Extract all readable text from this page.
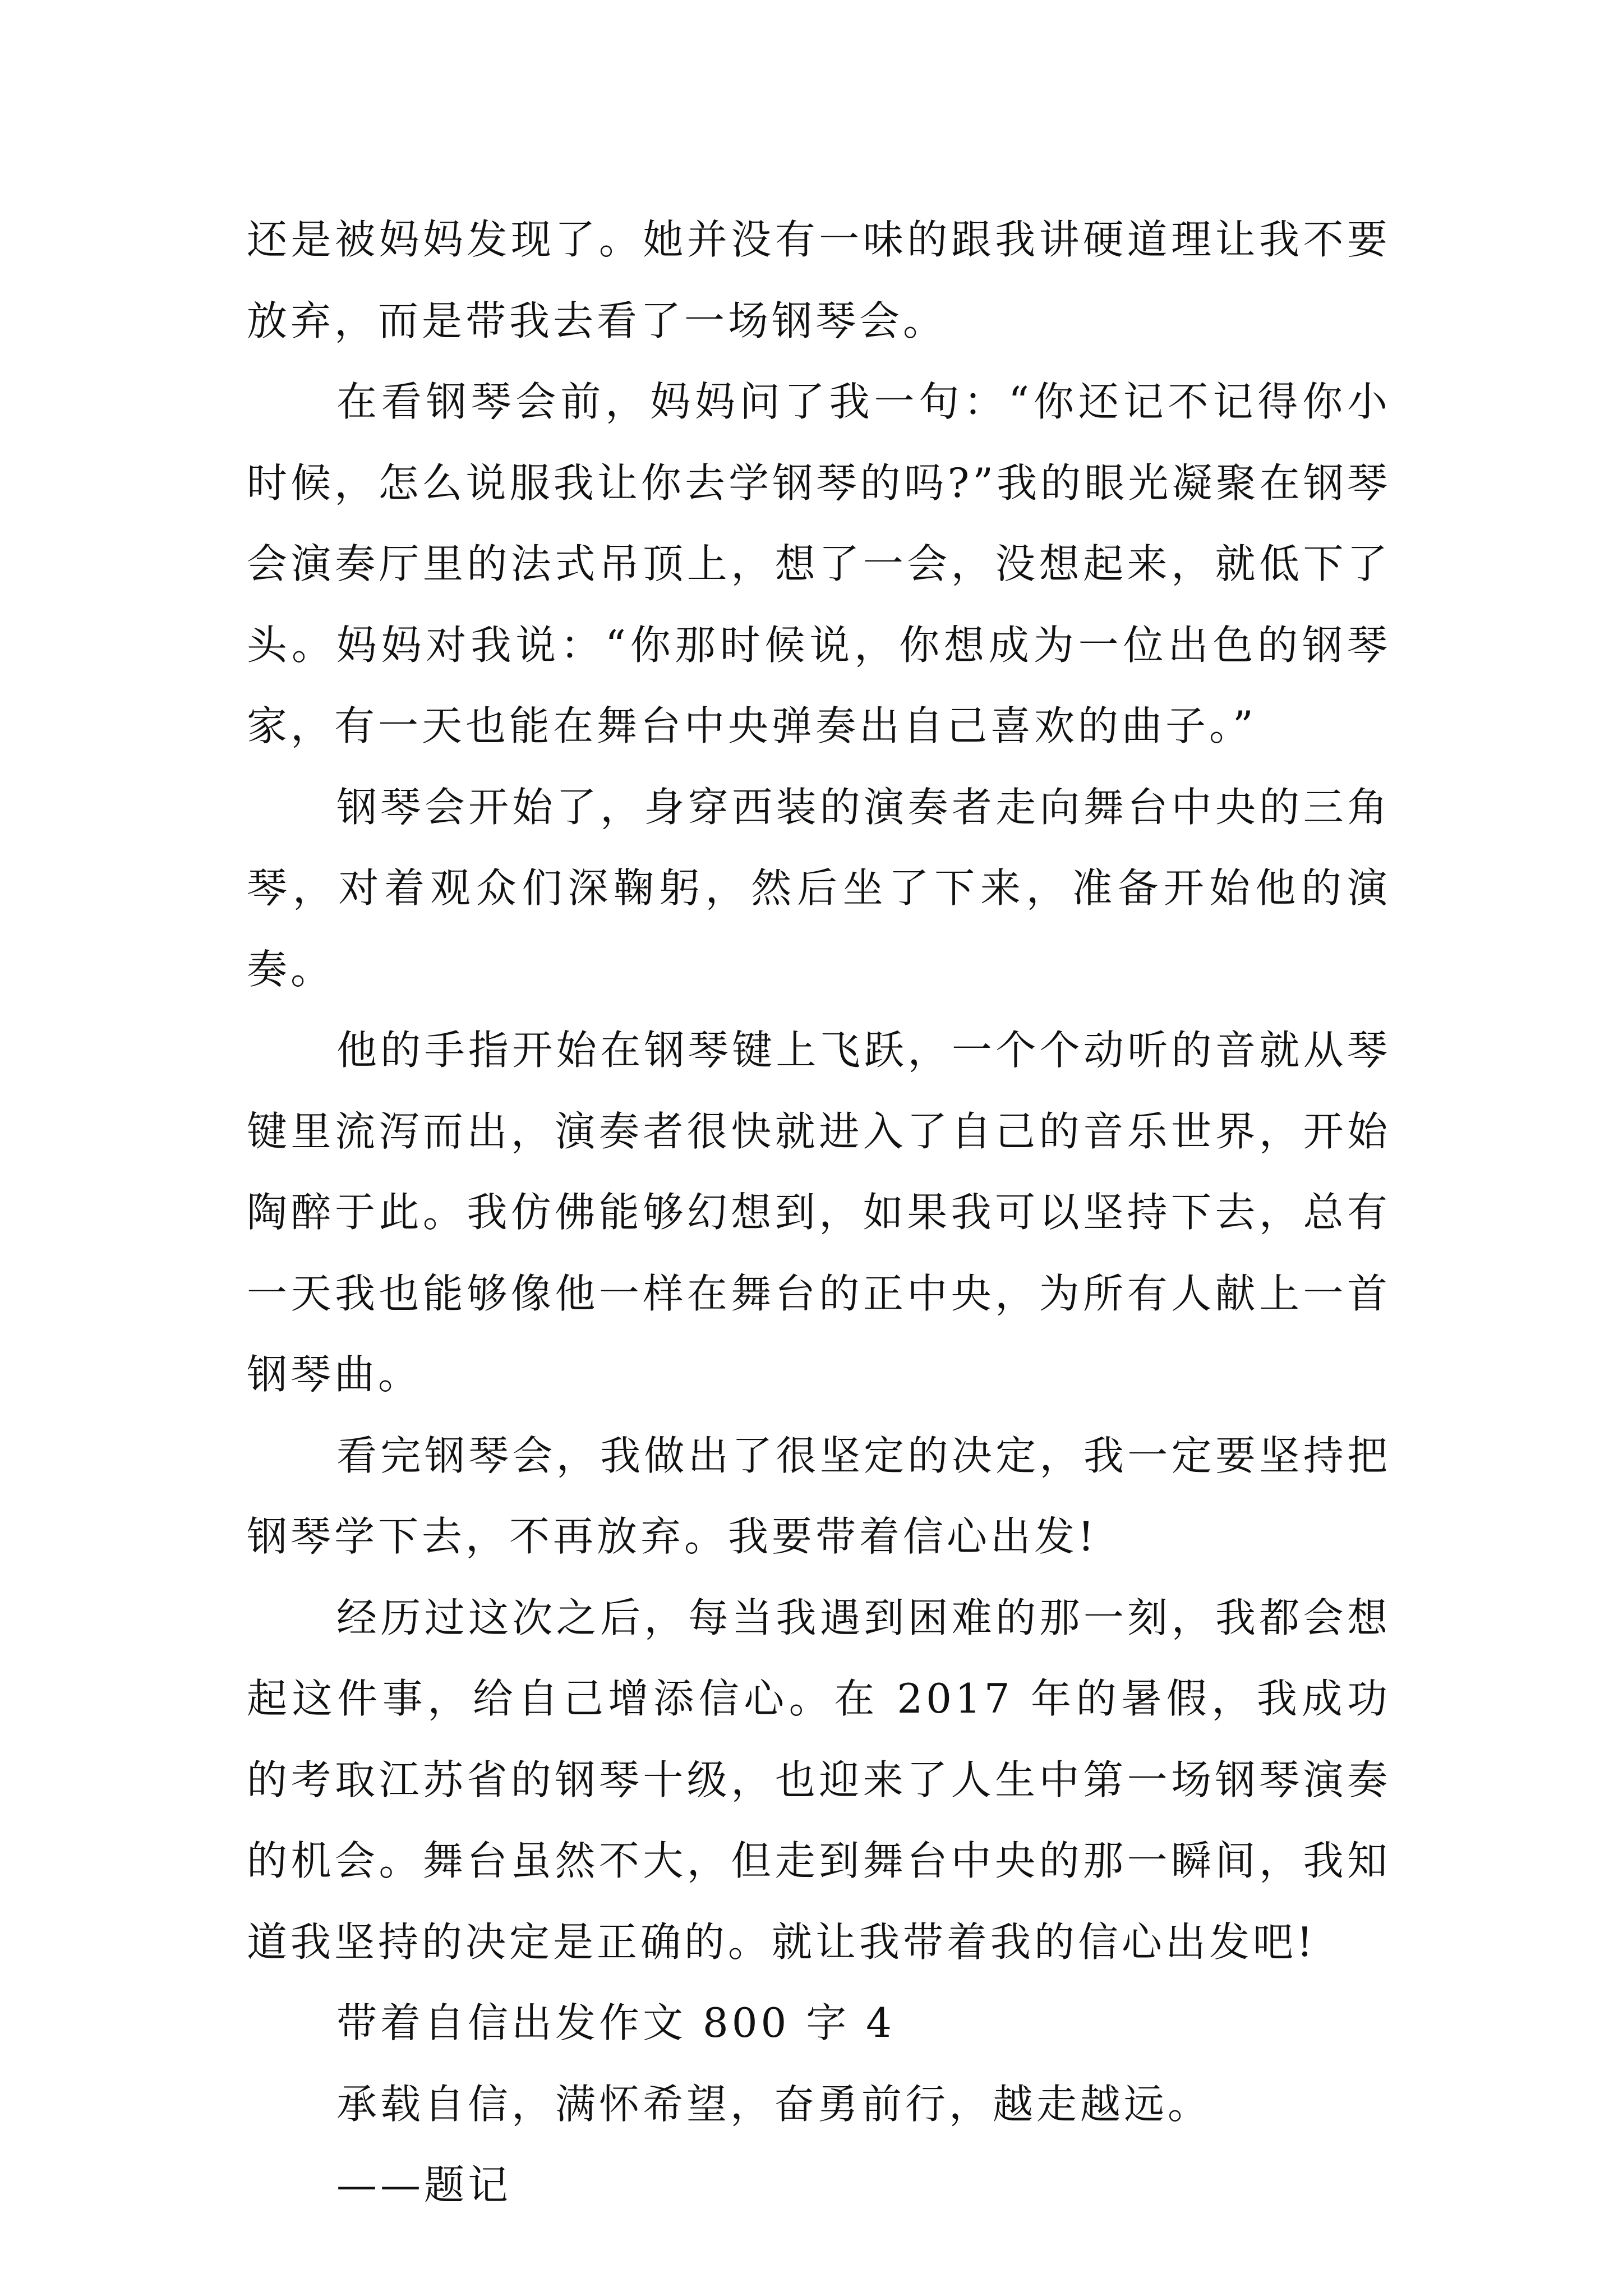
还是被妈妈发现了。她并没有一味的跟我讲硬道理让我不要放弃，而是带我去看了一场钢琴会。

在看钢琴会前，妈妈问了我一句：“你还记不记得你小时候，怎么说服我让你去学钢琴的吗?”我的眼光凝聚在钢琴会演奏厅里的法式吊顶上，想了一会，没想起来，就低下了头。妈妈对我说：“你那时候说，你想成为一位出色的钢琴家，有一天也能在舞台中央弹奏出自己喜欢的曲子。”

钢琴会开始了，身穿西装的演奏者走向舞台中央的三角琴，对着观众们深鞠躬，然后坐了下来，准备开始他的演奏。

他的手指开始在钢琴键上飞跃，一个个动听的音就从琴键里流泻而出，演奏者很快就进入了自己的音乐世界，开始陶醉于此。我仿佛能够幻想到，如果我可以坚持下去，总有一天我也能够像他一样在舞台的正中央，为所有人献上一首钢琴曲。

看完钢琴会，我做出了很坚定的决定，我一定要坚持把钢琴学下去，不再放弃。我要带着信心出发!

经历过这次之后，每当我遇到困难的那一刻，我都会想起这件事，给自己增添信心。在 2017 年的暑假，我成功的考取江苏省的钢琴十级，也迎来了人生中第一场钢琴演奏的机会。舞台虽然不大，但走到舞台中央的那一瞬间，我知道我坚持的决定是正确的。就让我带着我的信心出发吧!

带着自信出发作文 800 字 4

承载自信，满怀希望，奋勇前行，越走越远。

——题记
